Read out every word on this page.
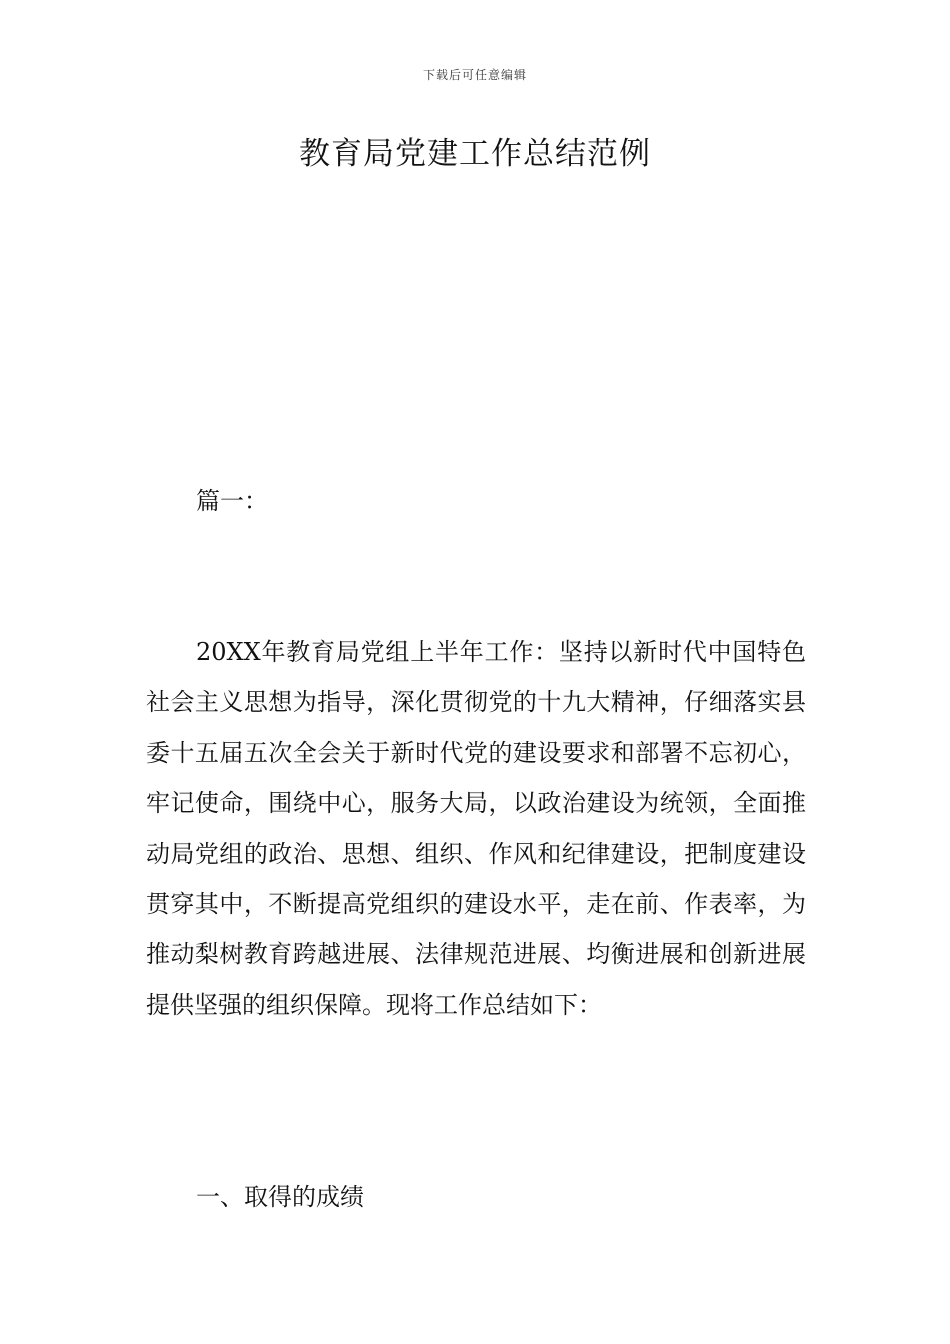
下载后可任意编辑
教育局党建工作总结范例

篇一：

20XX年教育局党组上半年工作：坚持以新时代中国特色社会主义思想为指导，深化贯彻党的十九大精神，仔细落实县委十五届五次全会关于新时代党的建设要求和部署不忘初心，牢记使命，围绕中心，服务大局，以政治建设为统领，全面推动局党组的政治、思想、组织、作风和纪律建设，把制度建设贯穿其中，不断提高党组织的建设水平，走在前、作表率，为推动梨树教育跨越进展、法律规范进展、均衡进展和创新进展提供坚强的组织保障。现将工作总结如下：

一、取得的成绩
